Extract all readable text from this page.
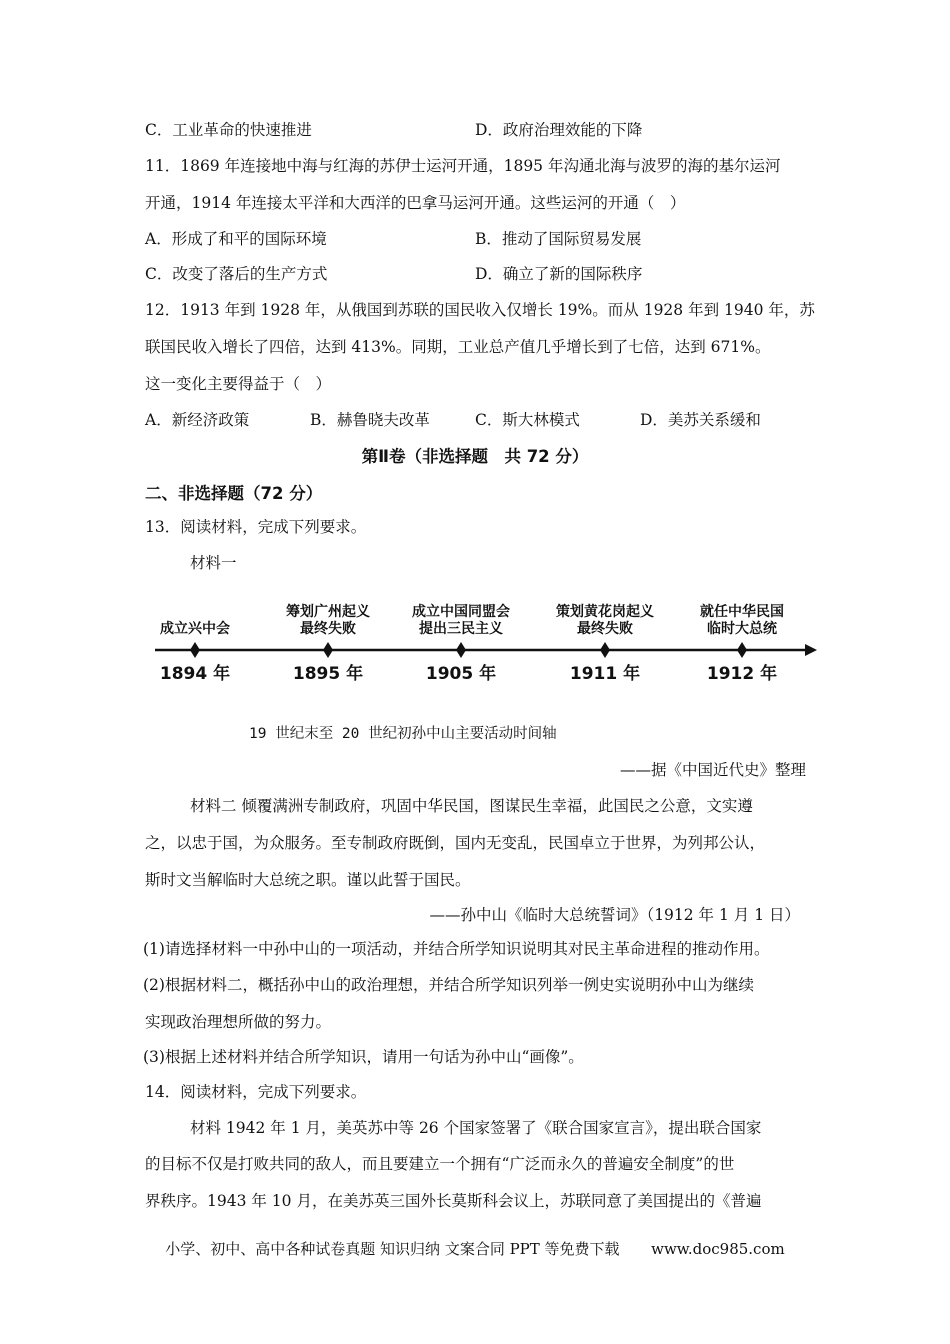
C．工业革命的快速推进	D．政府治理效能的下降
11．1869 年连接地中海与红海的苏伊士运河开通，1895 年沟通北海与波罗的海的基尔运河
开通，1914 年连接太平洋和大西洋的巴拿马运河开通。这些运河的开通（　）
A．形成了和平的国际环境	B．推动了国际贸易发展
C．改变了落后的生产方式	D．确立了新的国际秩序
12．1913 年到 1928 年，从俄国到苏联的国民收入仅增长 19%。而从 1928 年到 1940 年，苏
联国民收入增长了四倍，达到 413%。同期，工业总产值几乎增长到了七倍，达到 671%。
这一变化主要得益于（　）
A．新经济政策	B．赫鲁晓夫改革	C．斯大林模式	D．美苏关系缓和
第Ⅱ卷（非选择题　共 72 分）
二、非选择题（72 分）
13．阅读材料，完成下列要求。
材料一
成立兴中会
筹划广州起义
最终失败
成立中国同盟会
提出三民主义
策划黄花岗起义
最终失败
就任中华民国
临时大总统
1894 年	1895 年	1905 年	1911 年	1912 年
19 世纪末至 20 世纪初孙中山主要活动时间轴
——据《中国近代史》整理
材料二 倾覆满洲专制政府，巩固中华民国，图谋民生幸福，此国民之公意，文实遵
之，以忠于国，为众服务。至专制政府既倒，国内无变乱，民国卓立于世界，为列邦公认，
斯时文当解临时大总统之职。谨以此誓于国民。
——孙中山《临时大总统誓词》（1912 年 1 月 1 日）
(1)请选择材料一中孙中山的一项活动，并结合所学知识说明其对民主革命进程的推动作用。
(2)根据材料二，概括孙中山的政治理想，并结合所学知识列举一例史实说明孙中山为继续
实现政治理想所做的努力。
(3)根据上述材料并结合所学知识，请用一句话为孙中山“画像”。
14．阅读材料，完成下列要求。
材料 1942 年 1 月，美英苏中等 26 个国家签署了《联合国家宣言》，提出联合国家
的目标不仅是打败共同的敌人，而且要建立一个拥有“广泛而永久的普遍安全制度”的世
界秩序。1943 年 10 月，在美苏英三国外长莫斯科会议上，苏联同意了美国提出的《普遍
小学、初中、高中各种试卷真题 知识归纳 文案合同 PPT 等免费下载 www.doc985.com
